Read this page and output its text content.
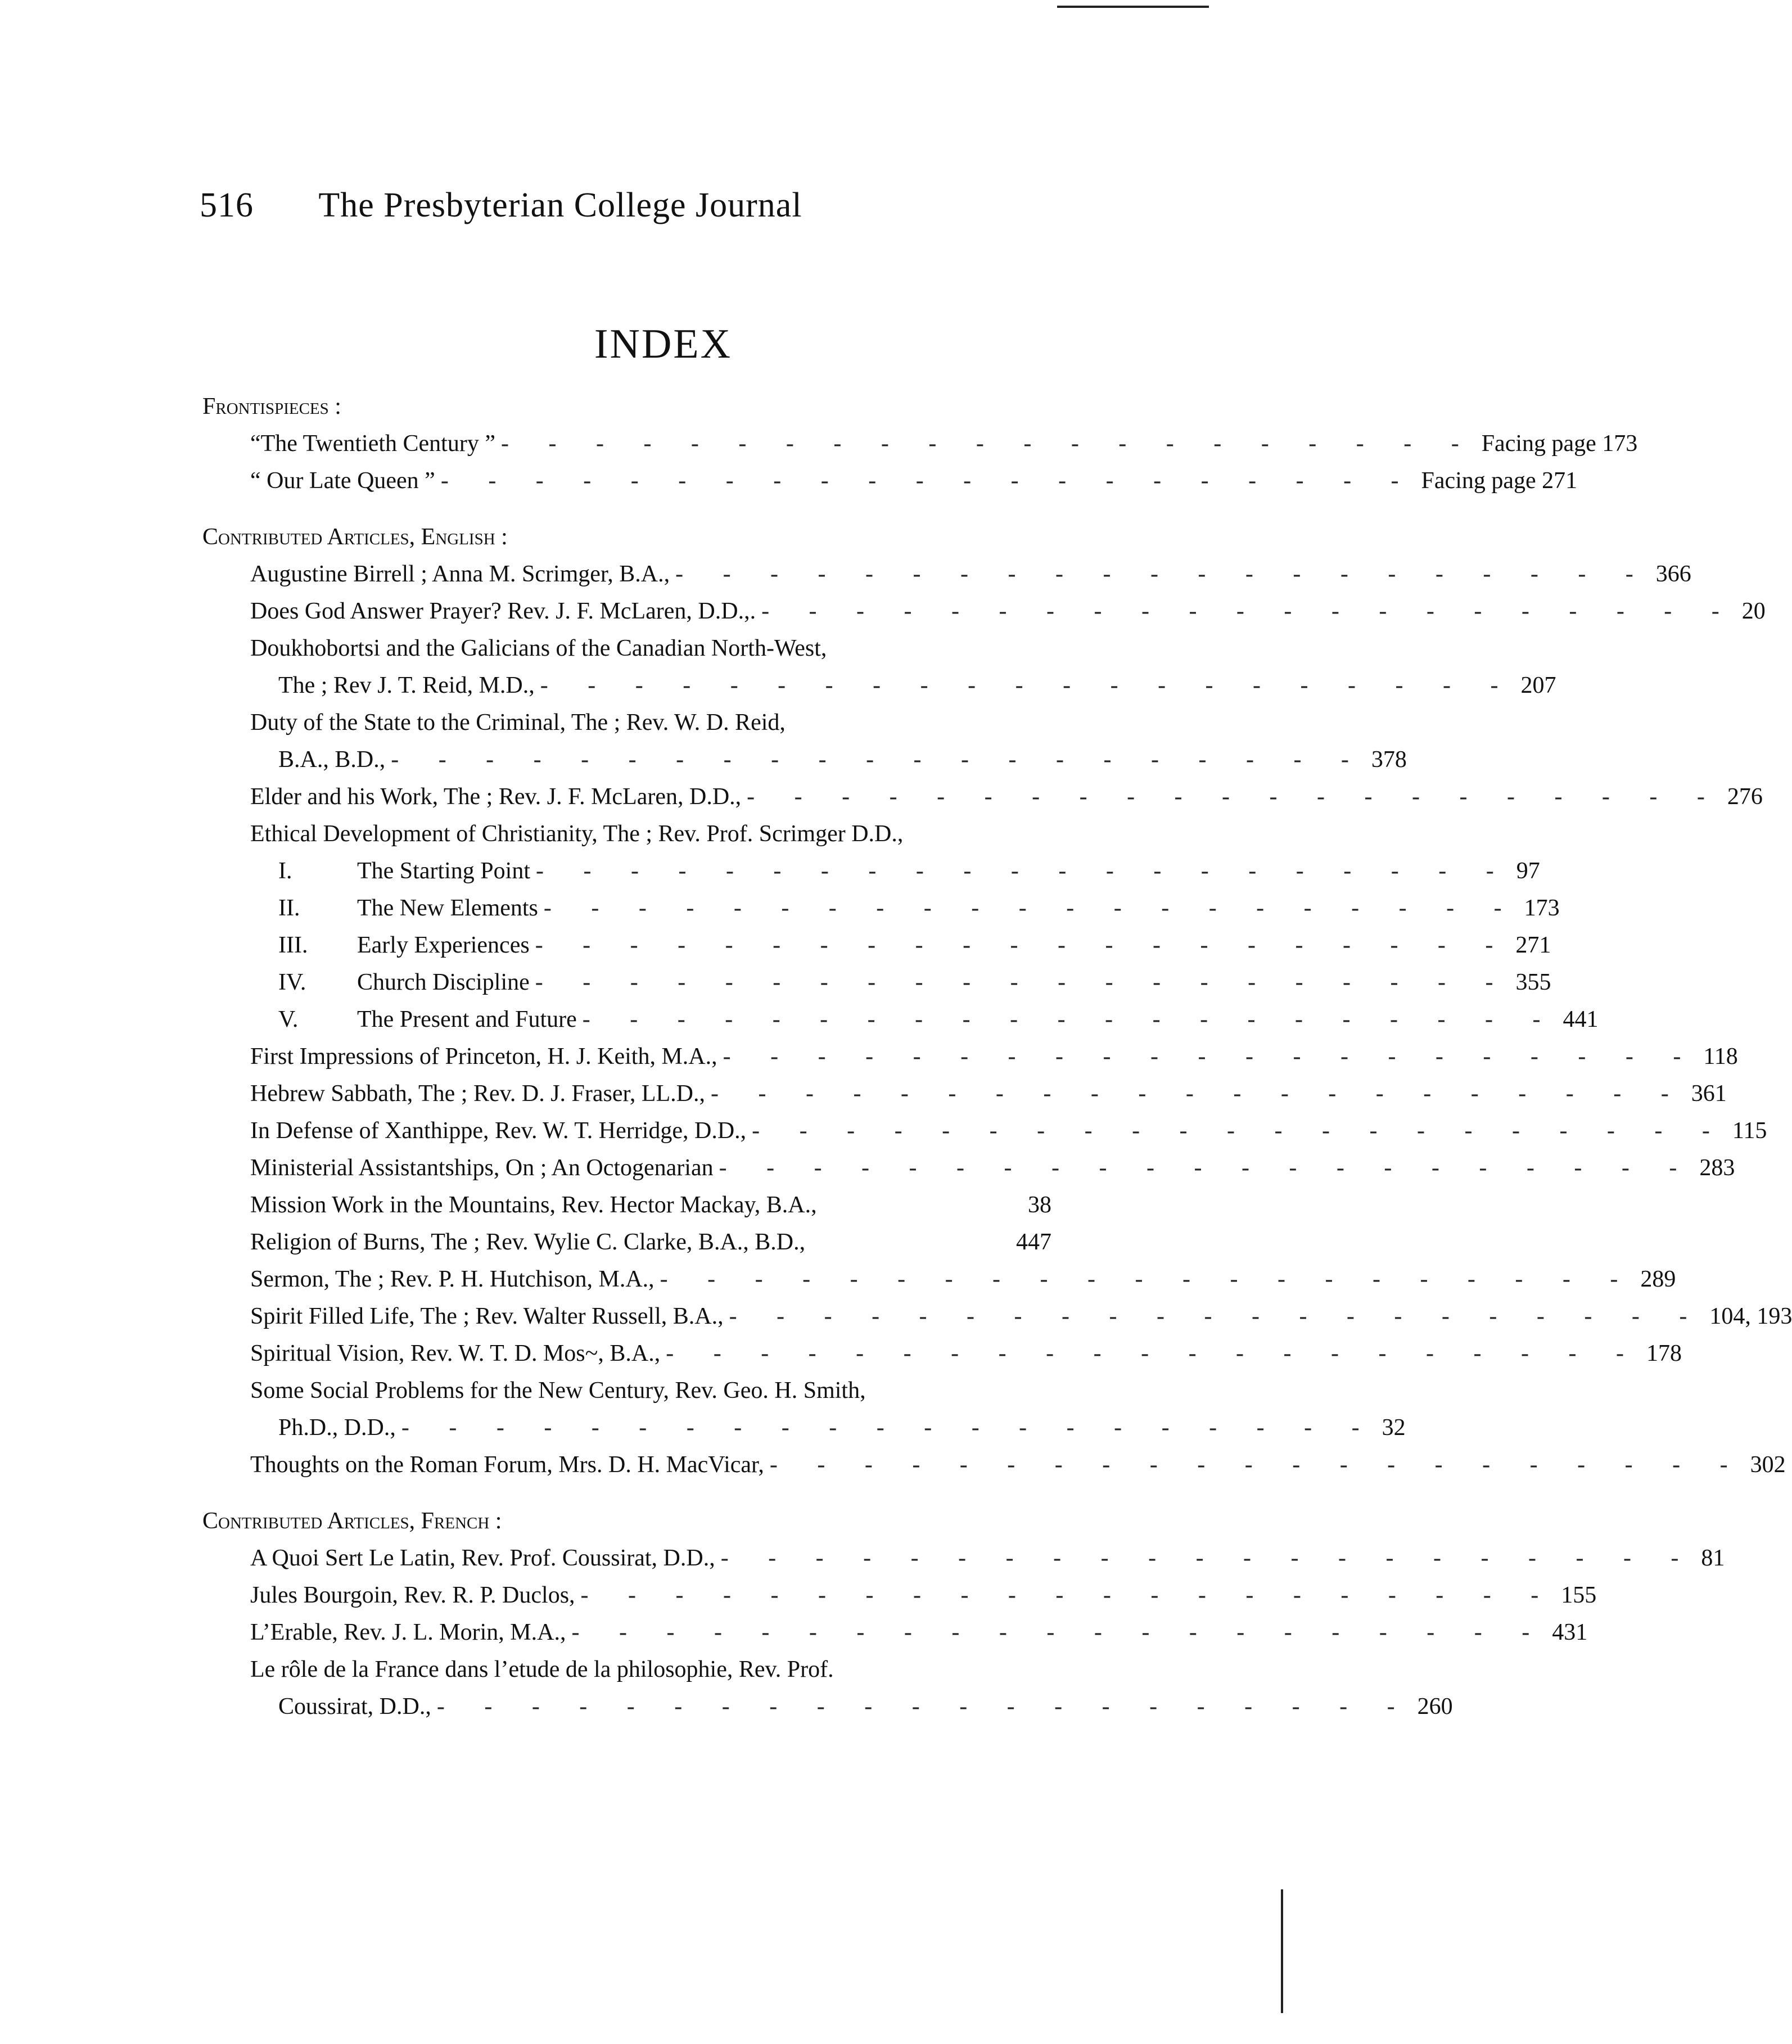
516 The Presbyterian College Journal
INDEX
Frontispieces :
“The Twentieth Century ” - - - - - - - - - - - - - - - - - - - - - Facing page 173
“ Our Late Queen ” - - - - - - - - - - - - - - - - - - - - - Facing page 271
Contributed Articles, English :
Augustine Birrell ; Anna M. Scrimger, B.A., - - - - - - - - - - - - - - - - - - - - - 366
Does God Answer Prayer? Rev. J. F. McLaren, D.D.,. - - - - - - - - - - - - - - - - - - - - - 20
Doukhobortsi and the Galicians of the Canadian North-West,
The ; Rev J. T. Reid, M.D., - - - - - - - - - - - - - - - - - - - - - 207
Duty of the State to the Criminal, The ; Rev. W. D. Reid,
B.A., B.D., - - - - - - - - - - - - - - - - - - - - - 378
Elder and his Work, The ; Rev. J. F. McLaren, D.D., - - - - - - - - - - - - - - - - - - - - - 276
Ethical Development of Christianity, The ; Rev. Prof. Scrimger D.D.,
I.	The Starting Point - - - - - - - - - - - - - - - - - - - - - 97
II. The New Elements - - - - - - - - - - - - - - - - - - - - - 173
III. Early Experiences - - - - - - - - - - - - - - - - - - - - - 271
IV. Church Discipline - - - - - - - - - - - - - - - - - - - - - 355
V. The Present and Future - - - - - - - - - - - - - - - - - - - - - 441
First Impressions of Princeton, H. J. Keith, M.A., - - - - - - - - - - - - - - - - - - - - - 118
Hebrew Sabbath, The ; Rev. D. J. Fraser, LL.D., - - - - - - - - - - - - - - - - - - - - - 361
In Defense of Xanthippe, Rev. W. T. Herridge, D.D., - - - - - - - - - - - - - - - - - - - - - 115
Ministerial Assistantships, On ; An Octogenarian - - - - - - - - - - - - - - - - - - - - - 283
Mission Work in the Mountains, Rev. Hector Mackay, B.A.,	38
Religion of Burns, The ; Rev. Wylie C. Clarke, B.A., B.D.,	447
Sermon, The ; Rev. P. H. Hutchison, M.A., - - - - - - - - - - - - - - - - - - - - - 289
Spirit Filled Life, The ; Rev. Walter Russell, B.A., - - - - - - - - - - - - - - - - - - - - - 104, 193
Spiritual Vision, Rev. W. T. D. Mos~, B.A., - - - - - - - - - - - - - - - - - - - - - 178
Some Social Problems for the New Century, Rev. Geo. H. Smith,
Ph.D., D.D., - - - - - - - - - - - - - - - - - - - - - 32
Thoughts on the Roman Forum, Mrs. D. H. MacVicar, - - - - - - - - - - - - - - - - - - - - - 302
Contributed Articles, French :
A Quoi Sert Le Latin, Rev. Prof. Coussirat, D.D., - - - - - - - - - - - - - - - - - - - - - 81
Jules Bourgoin, Rev. R. P. Duclos, - - - - - - - - - - - - - - - - - - - - - 155
L’Erable, Rev. J. L. Morin, M.A., - - - - - - - - - - - - - - - - - - - - - 431
Le rôle de la France dans l’etude de la philosophie, Rev. Prof.
Coussirat, D.D., - - - - - - - - - - - - - - - - - - - - - 260
